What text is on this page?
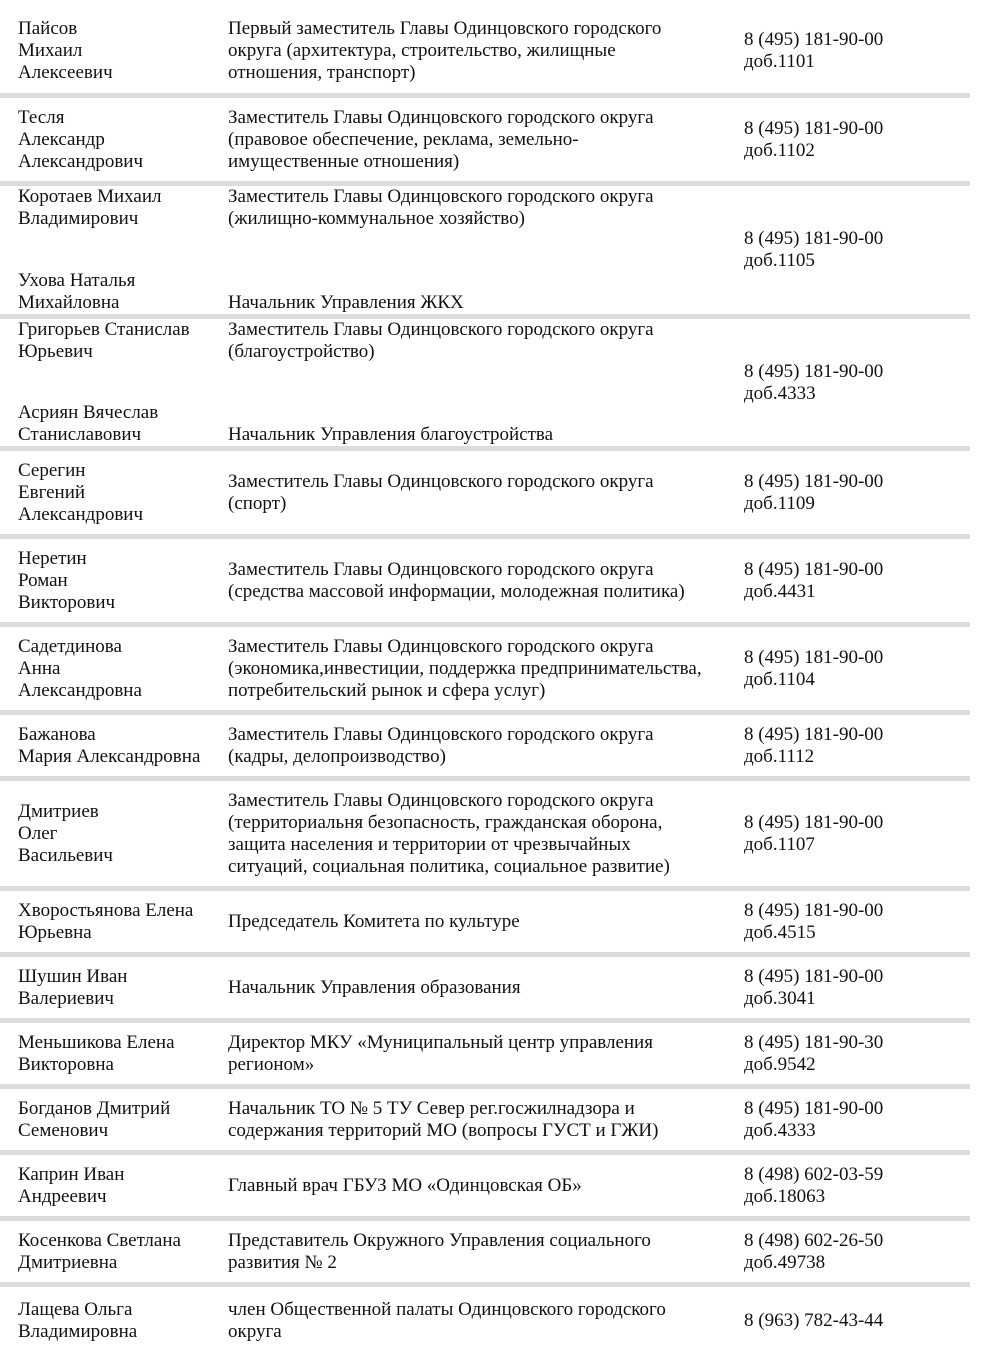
Пайсов
Михаил
Алексеевич
Первый заместитель Главы Одинцовского городского
округа (архитектура, строительство, жилищные
отношения, транспорт)
8 (495) 181-90-00
доб.1101
Тесля
Александр
Александрович
Заместитель Главы Одинцовского городского округа
(правовое обеспечение, реклама, земельно-
имущественные отношения)
8 (495) 181-90-00
доб.1102
Коротаев Михаил
Владимирович
Ухова Наталья
Михайловна
Заместитель Главы Одинцовского городского округа
(жилищно-коммунальное хозяйство)
Начальник Управления ЖКХ
8 (495) 181-90-00
доб.1105
Григорьев Станислав
Юрьевич
Асриян Вячеслав
Станиславович
Заместитель Главы Одинцовского городского округа
(благоустройство)
Начальник Управления благоустройства
8 (495) 181-90-00
доб.4333
Серегин
Евгений
Александрович
Заместитель Главы Одинцовского городского округа
(спорт)
8 (495) 181-90-00
доб.1109
Неретин
Роман
Викторович
Заместитель Главы Одинцовского городского округа
(средства массовой информации, молодежная политика)
8 (495) 181-90-00
доб.4431
Садетдинова
Анна
Александровна
Заместитель Главы Одинцовского городского округа
(экономика,инвестиции, поддержка предпринимательства,
потребительский рынок и сфера услуг)
8 (495) 181-90-00
доб.1104
Бажанова
Мария Александровна
Заместитель Главы Одинцовского городского округа
(кадры, делопроизводство)
8 (495) 181-90-00
доб.1112
Дмитриев
Олег
Васильевич
Заместитель Главы Одинцовского городского округа
(территориальня безопасность, гражданская оборона,
защита населения и территории от чрезвычайных
ситуаций, социальная политика, социальное развитие)
8 (495) 181-90-00
доб.1107
Хворостьянова Елена
Юрьевна
Председатель Комитета по культуре
8 (495) 181-90-00
доб.4515
Шушин Иван
Валериевич
Начальник Управления образования
8 (495) 181-90-00
доб.3041
Меньшикова Елена
Викторовна
Директор МКУ «Муниципальный центр управления
регионом»
8 (495) 181-90-30
доб.9542
Богданов Дмитрий
Семенович
Начальник ТО № 5 ТУ Север рег.госжилнадзора и
содержания территорий МО (вопросы ГУСТ и ГЖИ)
8 (495) 181-90-00
доб.4333
Каприн Иван
Андреевич
Главный врач ГБУЗ МО «Одинцовская ОБ»
8 (498) 602-03-59
доб.18063
Косенкова Светлана
Дмитриевна
Представитель Окружного Управления социального
развития № 2
8 (498) 602-26-50
доб.49738
Лащева Ольга
Владимировна
член Общественной палаты Одинцовского городского
округа
8 (963) 782-43-44
